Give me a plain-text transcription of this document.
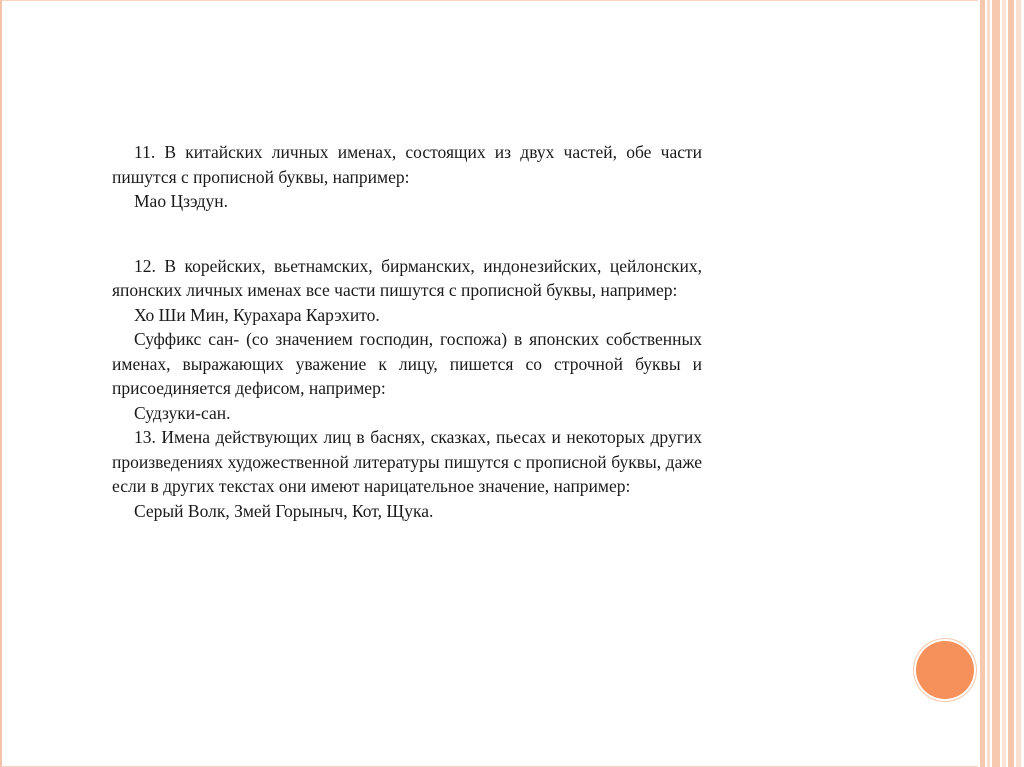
11. В китайских личных именах, состоящих из двух частей, обе части пишутся с прописной буквы, например:

Мао Цзэдун.

12. В корейских, вьетнамских, бирманских, индонезийских, цейлонских, японских личных именах все части пишутся с прописной буквы, например:

Хо Ши Мин, Курахара Карэхито.

Суффикс сан- (со значением господин, госпожа) в японских собственных именах, выражающих уважение к лицу, пишется со строчной буквы и присоединяется дефисом, например:

Судзуки-сан.

13. Имена действующих лиц в баснях, сказках, пьесах и некоторых других произведениях художественной литературы пишутся с прописной буквы, даже если в других текстах они имеют нарицательное значение, например:

Серый Волк, Змей Горыныч, Кот, Щука.
